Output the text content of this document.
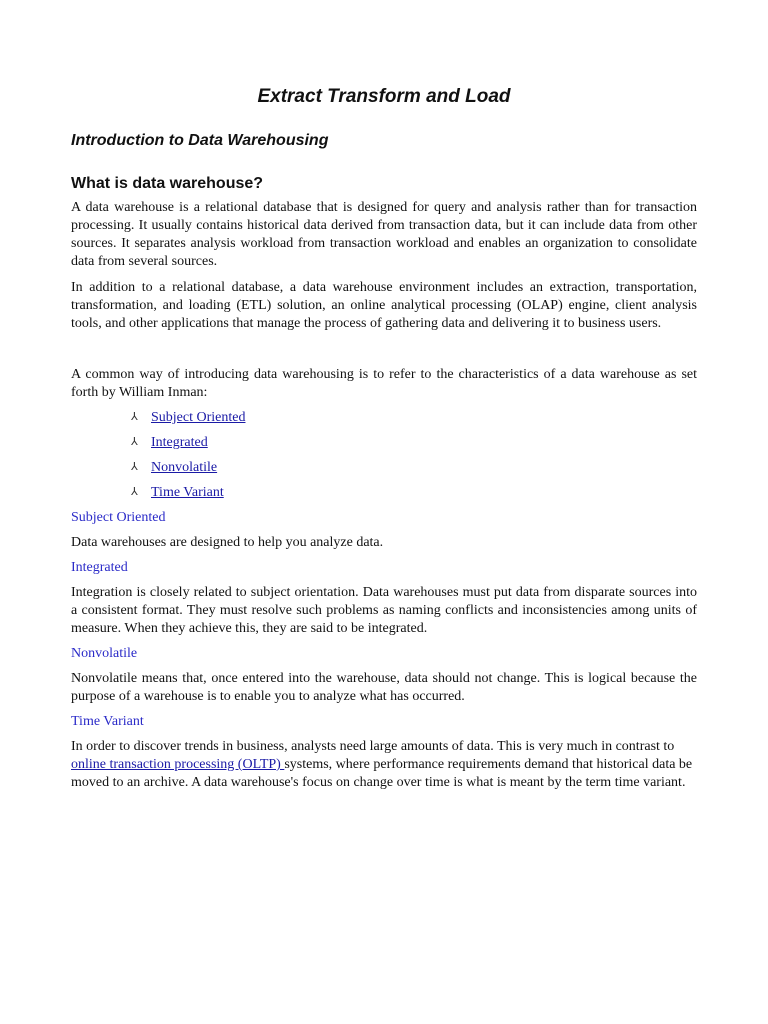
Extract Transform and Load
Introduction to Data Warehousing
What is data warehouse?

A data warehouse is a relational database that is designed for query and analysis rather than for transaction processing. It usually contains historical data derived from transaction data, but it can include data from other sources. It separates analysis workload from transaction workload and enables an organization to consolidate data from several sources.

In addition to a relational database, a data warehouse environment includes an extraction, transportation, transformation, and loading (ETL) solution, an online analytical processing (OLAP) engine, client analysis tools, and other applications that manage the process of gathering data and delivering it to business users.

A common way of introducing data warehousing is to refer to the characteristics of a data warehouse as set forth by William Inman:

⅄ Subject Oriented
⅄ Integrated
⅄ Nonvolatile
⅄ Time Variant
Subject Oriented

Data warehouses are designed to help you analyze data.

Integrated

Integration is closely related to subject orientation. Data warehouses must put data from disparate sources into a consistent format. They must resolve such problems as naming conflicts and inconsistencies among units of measure. When they achieve this, they are said to be integrated.

Nonvolatile

Nonvolatile means that, once entered into the warehouse, data should not change. This is logical because the purpose of a warehouse is to enable you to analyze what has occurred.

Time Variant

In order to discover trends in business, analysts need large amounts of data. This is very much in contrast to online transaction processing (OLTP) systems, where performance requirements demand that historical data be moved to an archive. A data warehouse's focus on change over time is what is meant by the term time variant.
